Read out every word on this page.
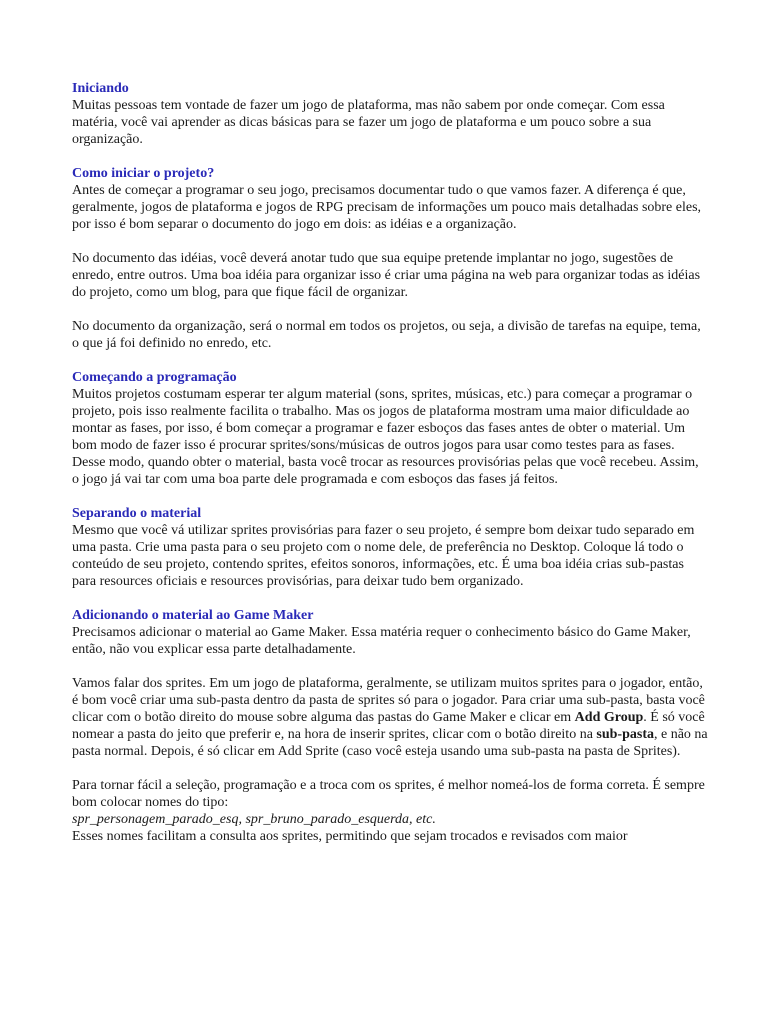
Iniciando

Muitas pessoas tem vontade de fazer um jogo de plataforma, mas não sabem por onde começar. Com essa matéria, você vai aprender as dicas básicas para se fazer um jogo de plataforma e um pouco sobre a sua organização.

Como iniciar o projeto?

Antes de começar a programar o seu jogo, precisamos documentar tudo o que vamos fazer. A diferença é que, geralmente, jogos de plataforma e jogos de RPG precisam de informações um pouco mais detalhadas sobre eles, por isso é bom separar o documento do jogo em dois: as idéias e a organização.

No documento das idéias, você deverá anotar tudo que sua equipe pretende implantar no jogo, sugestões de enredo, entre outros. Uma boa idéia para organizar isso é criar uma página na web para organizar todas as idéias do projeto, como um blog, para que fique fácil de organizar.

No documento da organização, será o normal em todos os projetos, ou seja, a divisão de tarefas na equipe, tema, o que já foi definido no enredo, etc.

Começando a programação

Muitos projetos costumam esperar ter algum material (sons, sprites, músicas, etc.) para começar a programar o projeto, pois isso realmente facilita o trabalho. Mas os jogos de plataforma mostram uma maior dificuldade ao montar as fases, por isso, é bom começar a programar e fazer esboços das fases antes de obter o material. Um bom modo de fazer isso é procurar sprites/sons/músicas de outros jogos para usar como testes para as fases. Desse modo, quando obter o material, basta você trocar as resources provisórias pelas que você recebeu. Assim, o jogo já vai tar com uma boa parte dele programada e com esboços das fases já feitos.

Separando o material

Mesmo que você vá utilizar sprites provisórias para fazer o seu projeto, é sempre bom deixar tudo separado em uma pasta. Crie uma pasta para o seu projeto com o nome dele, de preferência no Desktop. Coloque lá todo o conteúdo de seu projeto, contendo sprites, efeitos sonoros, informações, etc. É uma boa idéia crias sub-pastas para resources oficiais e resources provisórias, para deixar tudo bem organizado.

Adicionando o material ao Game Maker

Precisamos adicionar o material ao Game Maker. Essa matéria requer o conhecimento básico do Game Maker, então, não vou explicar essa parte detalhadamente.

Vamos falar dos sprites. Em um jogo de plataforma, geralmente, se utilizam muitos sprites para o jogador, então, é bom você criar uma sub-pasta dentro da pasta de sprites só para o jogador. Para criar uma sub-pasta, basta você clicar com o botão direito do mouse sobre alguma das pastas do Game Maker e clicar em Add Group. É só você nomear a pasta do jeito que preferir e, na hora de inserir sprites, clicar com o botão direito na sub-pasta, e não na pasta normal. Depois, é só clicar em Add Sprite (caso você esteja usando uma sub-pasta na pasta de Sprites).

Para tornar fácil a seleção, programação e a troca com os sprites, é melhor nomeá-los de forma correta. É sempre bom colocar nomes do tipo:

spr_personagem_parado_esq, spr_bruno_parado_esquerda, etc.

Esses nomes facilitam a consulta aos sprites, permitindo que sejam trocados e revisados com maior
